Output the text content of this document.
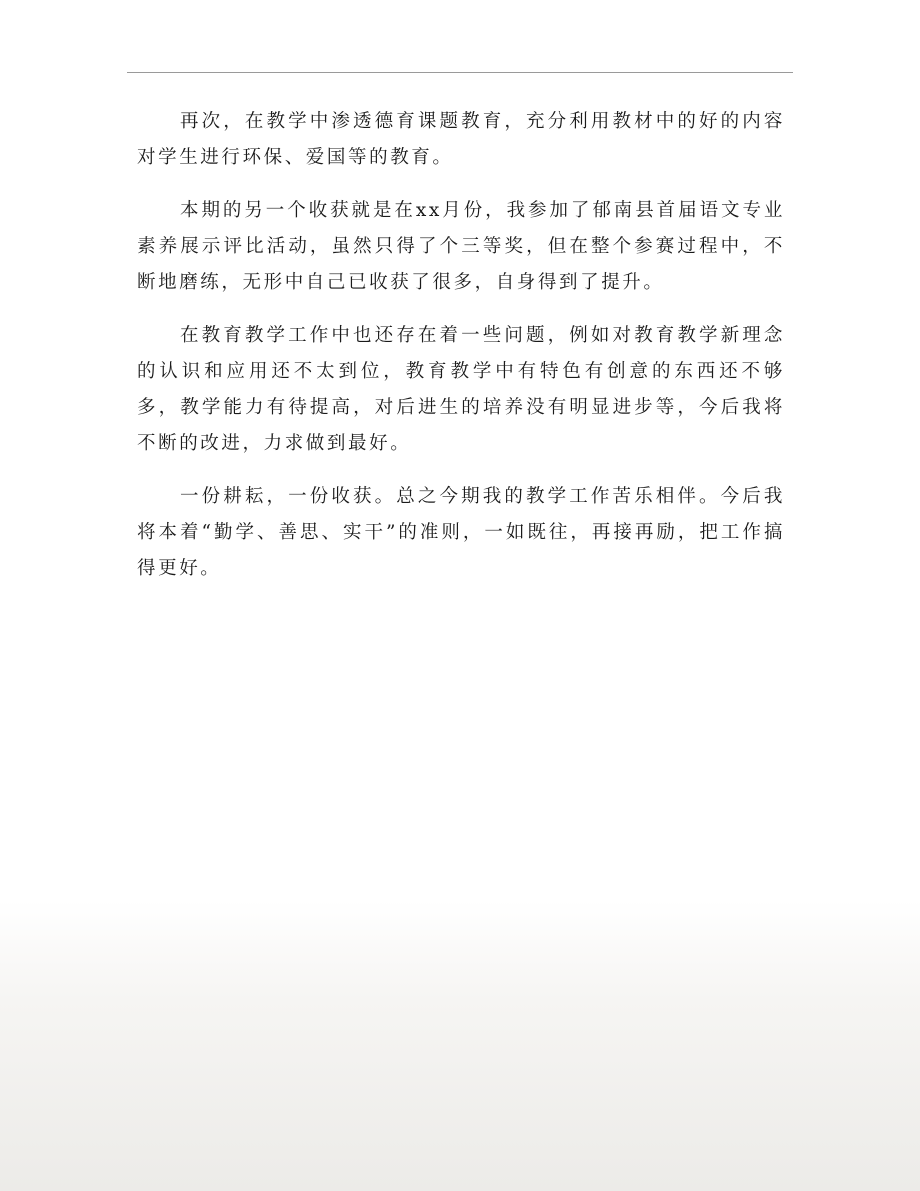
再次，在教学中渗透德育课题教育，充分利用教材中的好的内容对学生进行环保、爱国等的教育。

本期的另一个收获就是在xx月份，我参加了郁南县首届语文专业素养展示评比活动，虽然只得了个三等奖，但在整个参赛过程中，不断地磨练，无形中自己已收获了很多，自身得到了提升。

在教育教学工作中也还存在着一些问题，例如对教育教学新理念的认识和应用还不太到位，教育教学中有特色有创意的东西还不够多，教学能力有待提高，对后进生的培养没有明显进步等，今后我将不断的改进，力求做到最好。

一份耕耘，一份收获。总之今期我的教学工作苦乐相伴。今后我将本着“勤学、善思、实干”的准则，一如既往，再接再励，把工作搞得更好。
